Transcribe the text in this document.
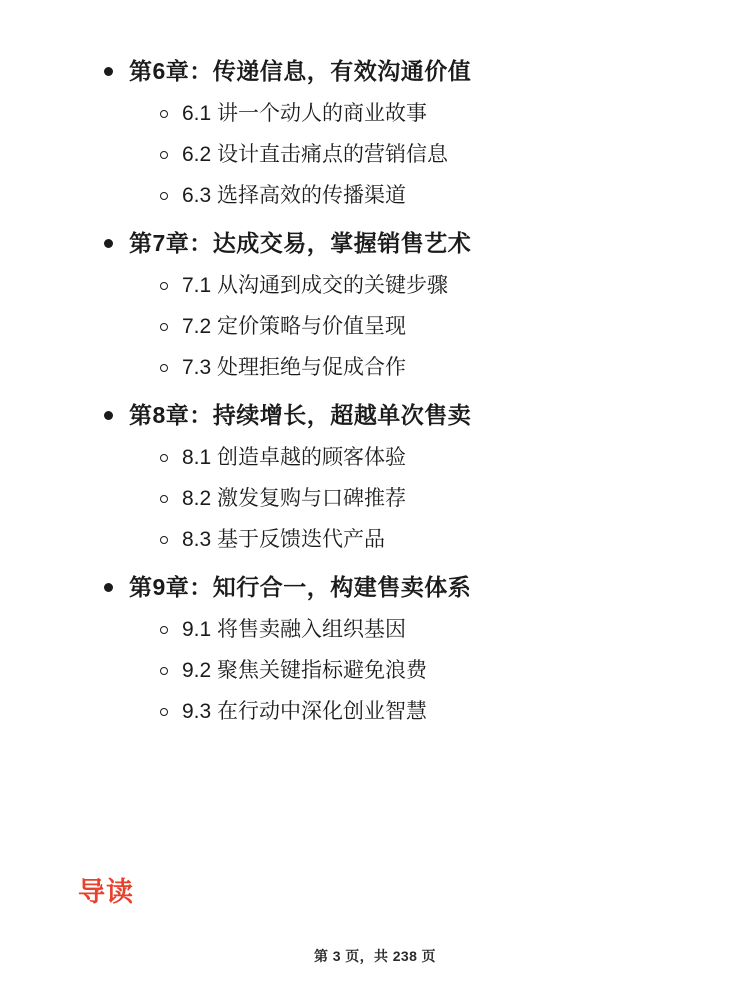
第6章：传递信息，有效沟通价值
6.1 讲一个动人的商业故事
6.2 设计直击痛点的营销信息
6.3 选择高效的传播渠道
第7章：达成交易，掌握销售艺术
7.1 从沟通到成交的关键步骤
7.2 定价策略与价值呈现
7.3 处理拒绝与促成合作
第8章：持续增长，超越单次售卖
8.1 创造卓越的顾客体验
8.2 激发复购与口碑推荐
8.3 基于反馈迭代产品
第9章：知行合一，构建售卖体系
9.1 将售卖融入组织基因
9.2 聚焦关键指标避免浪费
9.3 在行动中深化创业智慧
导读
第 3 页，共 238 页
